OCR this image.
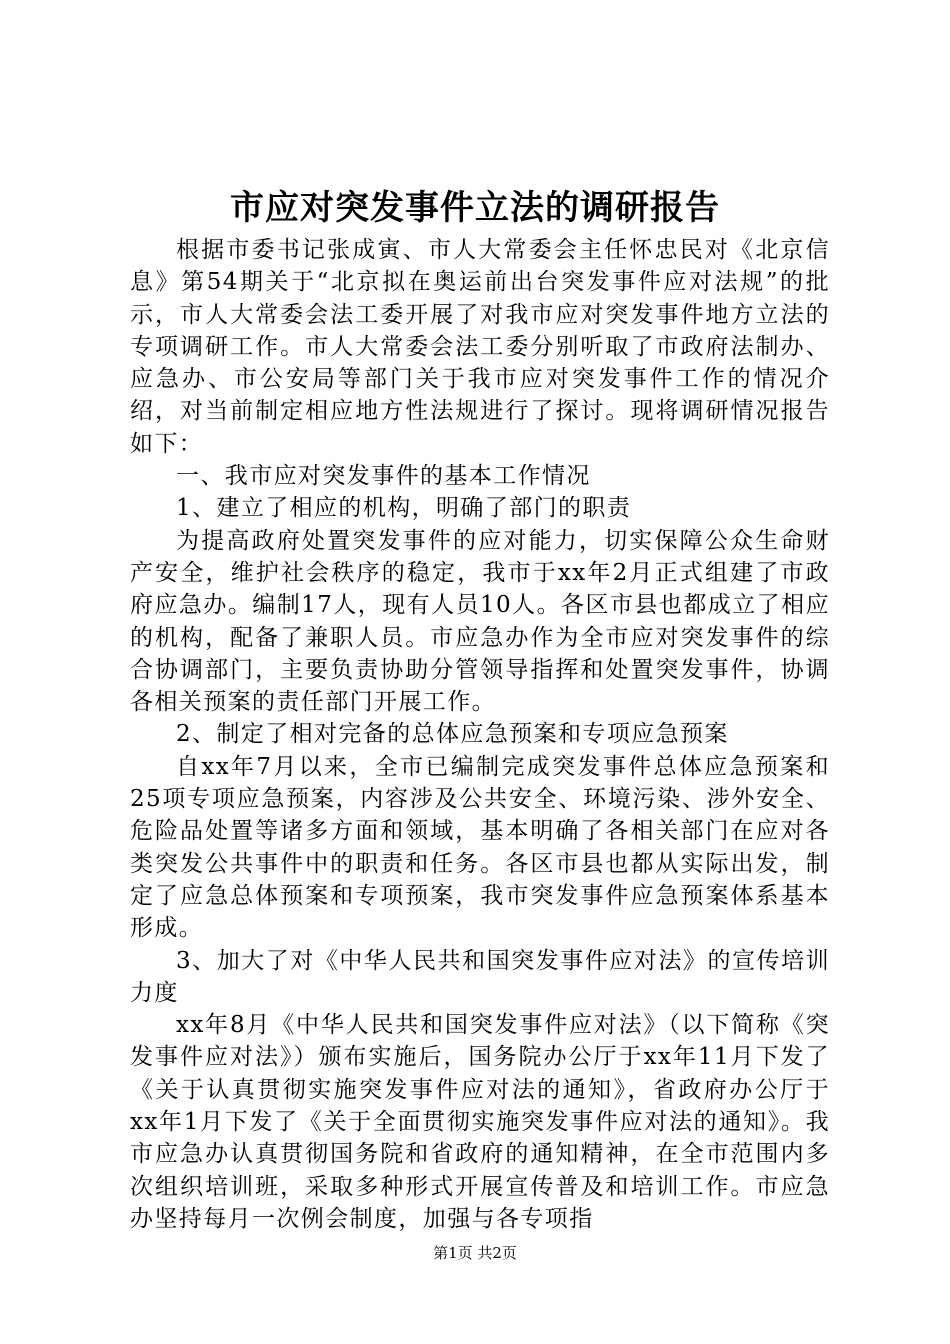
市应对突发事件立法的调研报告

根据市委书记张成寅、市人大常委会主任怀忠民对《北京信息》第54期关于“北京拟在奥运前出台突发事件应对法规”的批示，市人大常委会法工委开展了对我市应对突发事件地方立法的专项调研工作。市人大常委会法工委分别听取了市政府法制办、应急办、市公安局等部门关于我市应对突发事件工作的情况介绍，对当前制定相应地方性法规进行了探讨。现将调研情况报告如下：

一、我市应对突发事件的基本工作情况

1、建立了相应的机构，明确了部门的职责

为提高政府处置突发事件的应对能力，切实保障公众生命财产安全，维护社会秩序的稳定，我市于xx年2月正式组建了市政府应急办。编制17人，现有人员10人。各区市县也都成立了相应的机构，配备了兼职人员。市应急办作为全市应对突发事件的综合协调部门，主要负责协助分管领导指挥和处置突发事件，协调各相关预案的责任部门开展工作。

2、制定了相对完备的总体应急预案和专项应急预案

自xx年7月以来，全市已编制完成突发事件总体应急预案和25项专项应急预案，内容涉及公共安全、环境污染、涉外安全、危险品处置等诸多方面和领域，基本明确了各相关部门在应对各类突发公共事件中的职责和任务。各区市县也都从实际出发，制定了应急总体预案和专项预案，我市突发事件应急预案体系基本形成。

3、加大了对《中华人民共和国突发事件应对法》的宣传培训力度

xx年8月《中华人民共和国突发事件应对法》（以下简称《突发事件应对法》）颁布实施后，国务院办公厅于xx年11月下发了《关于认真贯彻实施突发事件应对法的通知》，省政府办公厅于xx年1月下发了《关于全面贯彻实施突发事件应对法的通知》。我市应急办认真贯彻国务院和省政府的通知精神，在全市范围内多次组织培训班，采取多种形式开展宣传普及和培训工作。市应急办坚持每月一次例会制度，加强与各专项指

第1页 共2页
